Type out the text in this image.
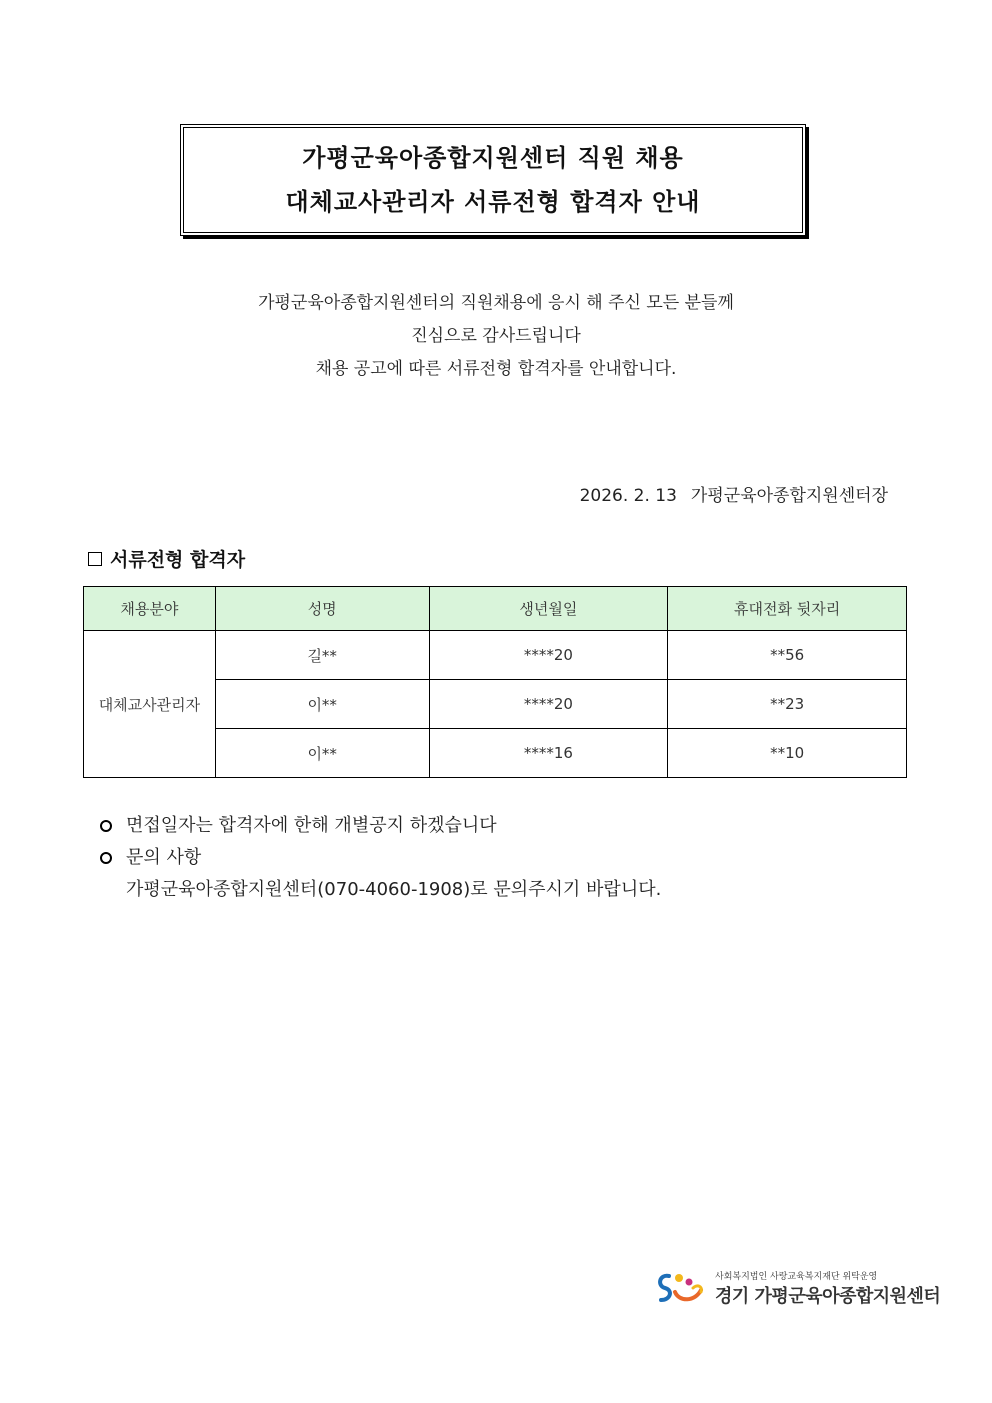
가평군육아종합지원센터 직원 채용
대체교사관리자 서류전형 합격자 안내
가평군육아종합지원센터의 직원채용에 응시 해 주신 모든 분들께
진심으로 감사드립니다
채용 공고에 따른 서류전형 합격자를 안내합니다.
2026. 2. 13 가평군육아종합지원센터장
서류전형 합격자
채용분야	성명	생년월일	휴대전화 뒷자리
대체교사관리자	길**	****20	**56
	이**	****20	**23
	이**	****16	**10
면접일자는 합격자에 한해 개별공지 하겠습니다
문의 사항
가평군육아종합지원센터(070-4060-1908)로 문의주시기 바랍니다.
사회복지법인 사랑교육복지재단 위탁운영
경기 가평군육아종합지원센터
